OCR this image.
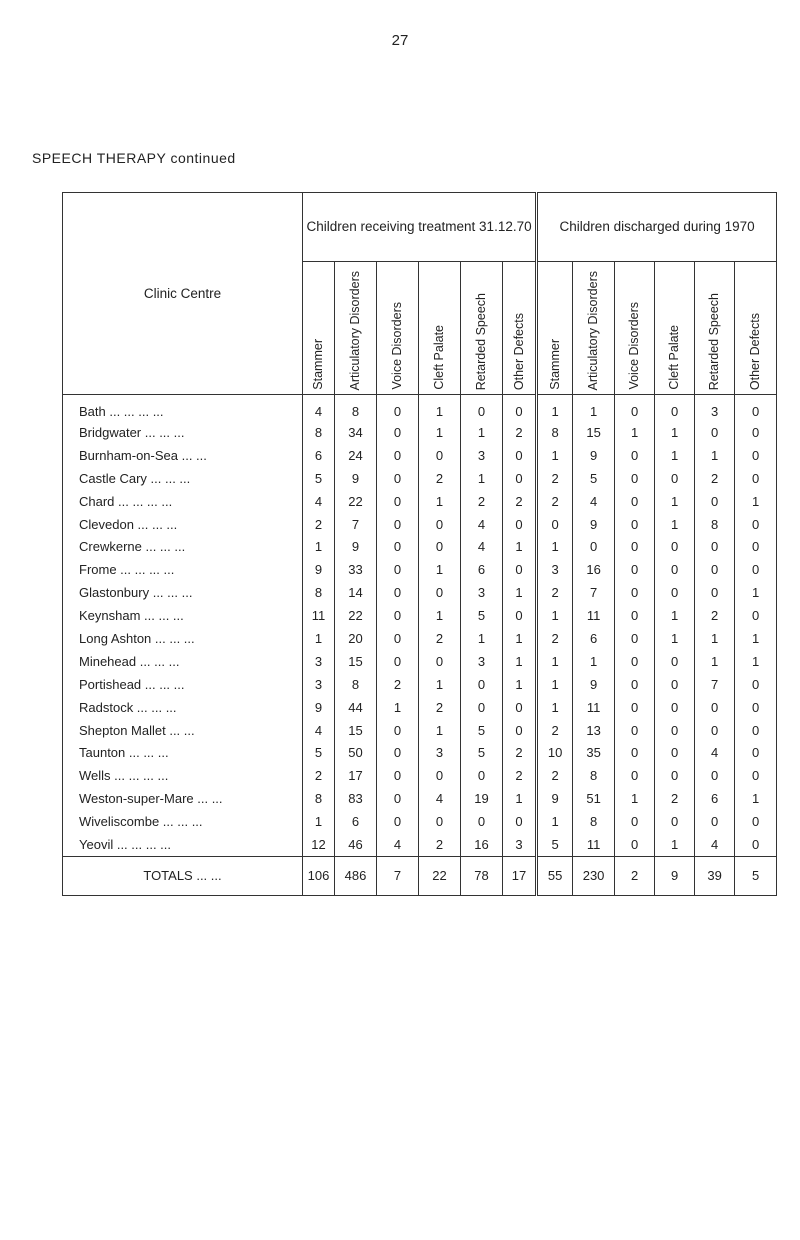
27
SPEECH THERAPY continued
Clinic Centre	Children receiving treatment 31.12.70						Children discharged during 1970					

	Stammer	Articulatory Disorders	Voice Disorders	Cleft Palate	Retarded Speech	Other Defects	Stammer	Articulatory Disorders	Voice Disorders	Cleft Palate	Retarded Speech	Other Defects

Bath ... ... ... ...	4	8	0	1	0	0	1	1	0	0	3	0
Bridgwater ... ... ...	8	34	0	1	1	2	8	15	1	1	0	0
Burnham-on-Sea ... ...	6	24	0	0	3	0	1	9	0	1	1	0
Castle Cary ... ... ...	5	9	0	2	1	0	2	5	0	0	2	0
Chard ... ... ... ...	4	22	0	1	2	2	2	4	0	1	0	1
Clevedon ... ... ...	2	7	0	0	4	0	0	9	0	1	8	0
Crewkerne ... ... ...	1	9	0	0	4	1	1	0	0	0	0	0
Frome ... ... ... ...	9	33	0	1	6	0	3	16	0	0	0	0
Glastonbury ... ... ...	8	14	0	0	3	1	2	7	0	0	0	1
Keynsham ... ... ...	11	22	0	1	5	0	1	11	0	1	2	0
Long Ashton ... ... ...	1	20	0	2	1	1	2	6	0	1	1	1
Minehead ... ... ...	3	15	0	0	3	1	1	1	0	0	1	1
Portishead ... ... ...	3	8	2	1	0	1	1	9	0	0	7	0
Radstock ... ... ...	9	44	1	2	0	0	1	11	0	0	0	0
Shepton Mallet ... ...	4	15	0	1	5	0	2	13	0	0	0	0
Taunton ... ... ...	5	50	0	3	5	2	10	35	0	0	4	0
Wells ... ... ... ...	2	17	0	0	0	2	2	8	0	0	0	0
Weston-super-Mare ... ...	8	83	0	4	19	1	9	51	1	2	6	1
Wiveliscombe ... ... ...	1	6	0	0	0	0	1	8	0	0	0	0
Yeovil ... ... ... ...	12	46	4	2	16	3	5	11	0	1	4	0
TOTALS ... ...	106	486	7	22	78	17	55	230	2	9	39	5
